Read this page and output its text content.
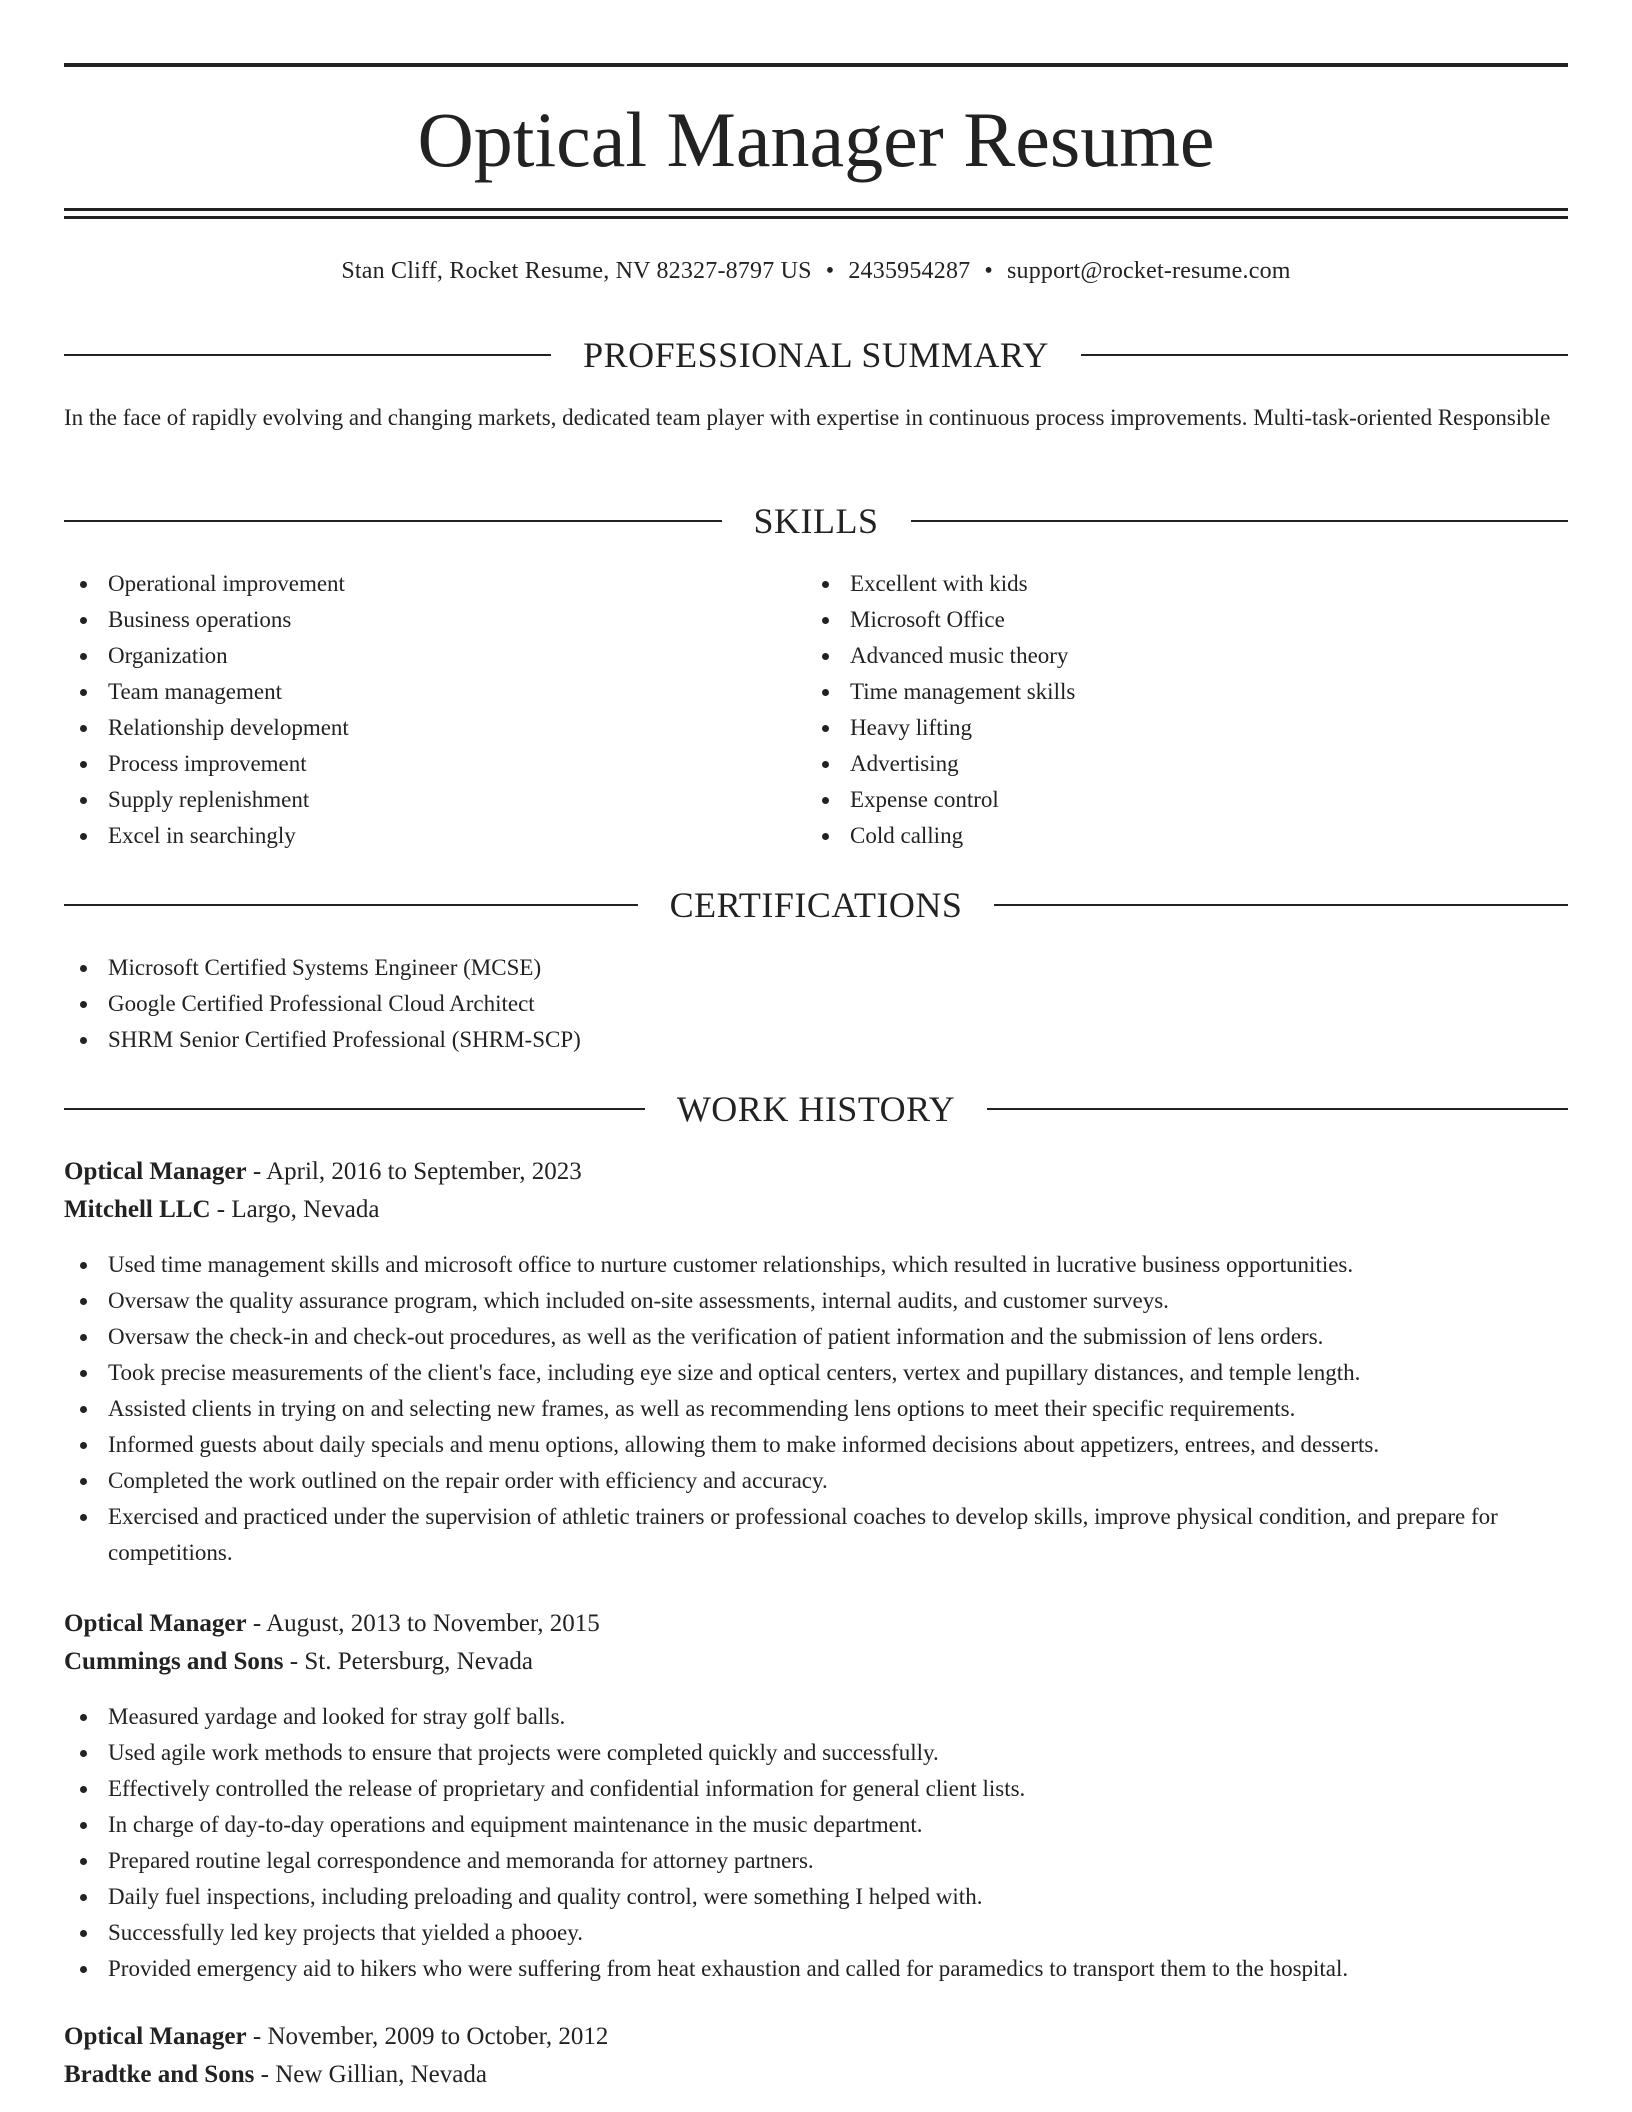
Optical Manager Resume
Stan Cliff, Rocket Resume, NV 82327-8797 US • 2435954287 • support@rocket-resume.com
PROFESSIONAL SUMMARY
In the face of rapidly evolving and changing markets, dedicated team player with expertise in continuous process improvements. Multi-task-oriented Responsible
SKILLS
Operational improvement
Business operations
Organization
Team management
Relationship development
Process improvement
Supply replenishment
Excel in searchingly
Excellent with kids
Microsoft Office
Advanced music theory
Time management skills
Heavy lifting
Advertising
Expense control
Cold calling
CERTIFICATIONS
Microsoft Certified Systems Engineer (MCSE)
Google Certified Professional Cloud Architect
SHRM Senior Certified Professional (SHRM-SCP)
WORK HISTORY
Optical Manager - April, 2016 to September, 2023
Mitchell LLC - Largo, Nevada
Used time management skills and microsoft office to nurture customer relationships, which resulted in lucrative business opportunities.
Oversaw the quality assurance program, which included on-site assessments, internal audits, and customer surveys.
Oversaw the check-in and check-out procedures, as well as the verification of patient information and the submission of lens orders.
Took precise measurements of the client's face, including eye size and optical centers, vertex and pupillary distances, and temple length.
Assisted clients in trying on and selecting new frames, as well as recommending lens options to meet their specific requirements.
Informed guests about daily specials and menu options, allowing them to make informed decisions about appetizers, entrees, and desserts.
Completed the work outlined on the repair order with efficiency and accuracy.
Exercised and practiced under the supervision of athletic trainers or professional coaches to develop skills, improve physical condition, and prepare for competitions.
Optical Manager - August, 2013 to November, 2015
Cummings and Sons - St. Petersburg, Nevada
Measured yardage and looked for stray golf balls.
Used agile work methods to ensure that projects were completed quickly and successfully.
Effectively controlled the release of proprietary and confidential information for general client lists.
In charge of day-to-day operations and equipment maintenance in the music department.
Prepared routine legal correspondence and memoranda for attorney partners.
Daily fuel inspections, including preloading and quality control, were something I helped with.
Successfully led key projects that yielded a phooey.
Provided emergency aid to hikers who were suffering from heat exhaustion and called for paramedics to transport them to the hospital.
Optical Manager - November, 2009 to October, 2012
Bradtke and Sons - New Gillian, Nevada
